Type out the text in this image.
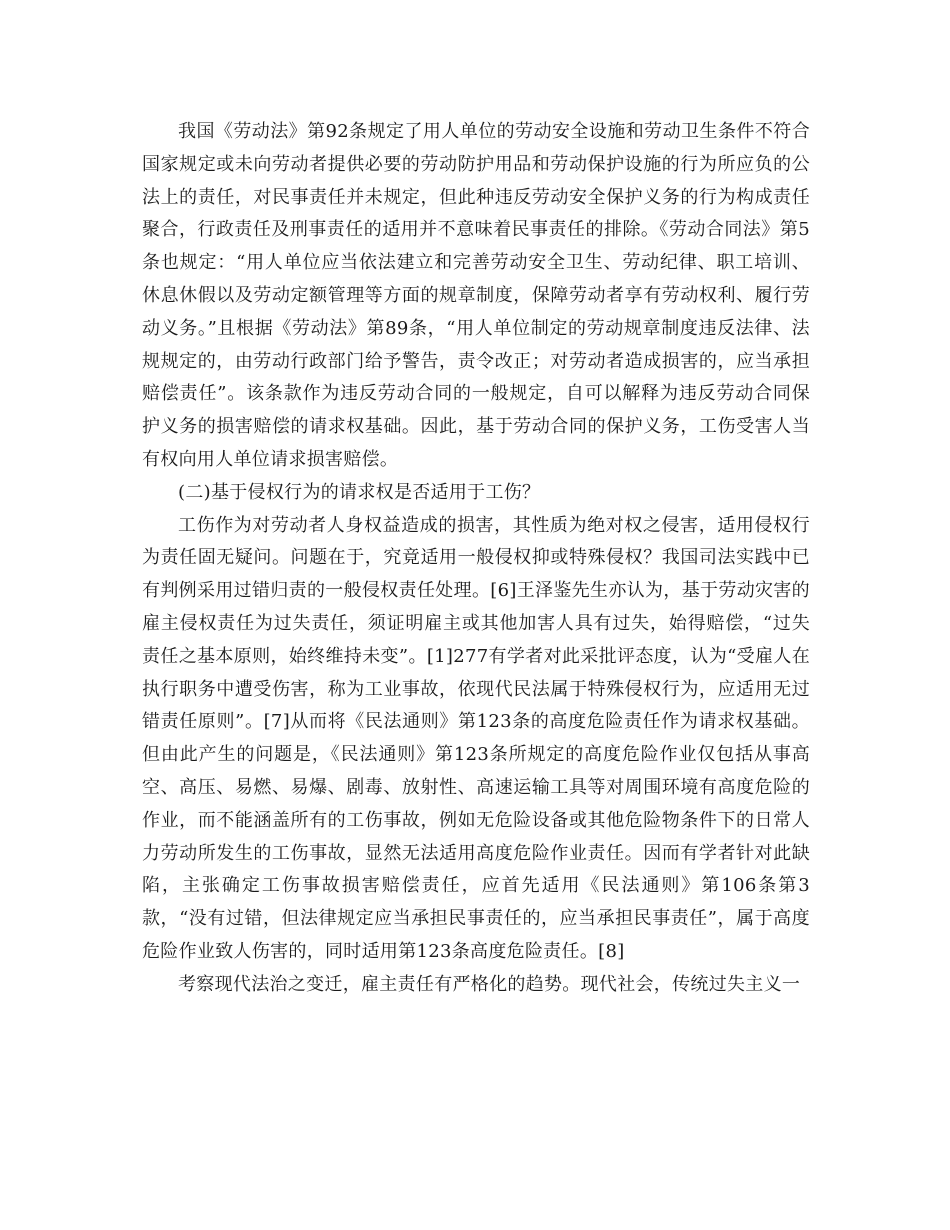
我国《劳动法》第92条规定了用人单位的劳动安全设施和劳动卫生条件不符合国家规定或未向劳动者提供必要的劳动防护用品和劳动保护设施的行为所应负的公法上的责任，对民事责任并未规定，但此种违反劳动安全保护义务的行为构成责任聚合，行政责任及刑事责任的适用并不意味着民事责任的排除。《劳动合同法》第5条也规定：“用人单位应当依法建立和完善劳动安全卫生、劳动纪律、职工培训、休息休假以及劳动定额管理等方面的规章制度，保障劳动者享有劳动权利、履行劳动义务。”且根据《劳动法》第89条，“用人单位制定的劳动规章制度违反法律、法规规定的，由劳动行政部门给予警告，责令改正；对劳动者造成损害的，应当承担赔偿责任”。该条款作为违反劳动合同的一般规定，自可以解释为违反劳动合同保护义务的损害赔偿的请求权基础。因此，基于劳动合同的保护义务，工伤受害人当有权向用人单位请求损害赔偿。

(二)基于侵权行为的请求权是否适用于工伤？

工伤作为对劳动者人身权益造成的损害，其性质为绝对权之侵害，适用侵权行为责任固无疑问。问题在于，究竟适用一般侵权抑或特殊侵权？我国司法实践中已有判例采用过错归责的一般侵权责任处理。[6]王泽鉴先生亦认为，基于劳动灾害的雇主侵权责任为过失责任，须证明雇主或其他加害人具有过失，始得赔偿，“过失责任之基本原则，始终维持未变”。[1]277有学者对此采批评态度，认为“受雇人在执行职务中遭受伤害，称为工业事故，依现代民法属于特殊侵权行为，应适用无过错责任原则”。[7]从而将《民法通则》第123条的高度危险责任作为请求权基础。但由此产生的问题是，《民法通则》第123条所规定的高度危险作业仅包括从事高空、高压、易燃、易爆、剧毒、放射性、高速运输工具等对周围环境有高度危险的作业，而不能涵盖所有的工伤事故，例如无危险设备或其他危险物条件下的日常人力劳动所发生的工伤事故，显然无法适用高度危险作业责任。因而有学者针对此缺陷，主张确定工伤事故损害赔偿责任，应首先适用《民法通则》第106条第3款，“没有过错，但法律规定应当承担民事责任的，应当承担民事责任”，属于高度危险作业致人伤害的，同时适用第123条高度危险责任。[8]

考察现代法治之变迁，雇主责任有严格化的趋势。现代社会，传统过失主义一
